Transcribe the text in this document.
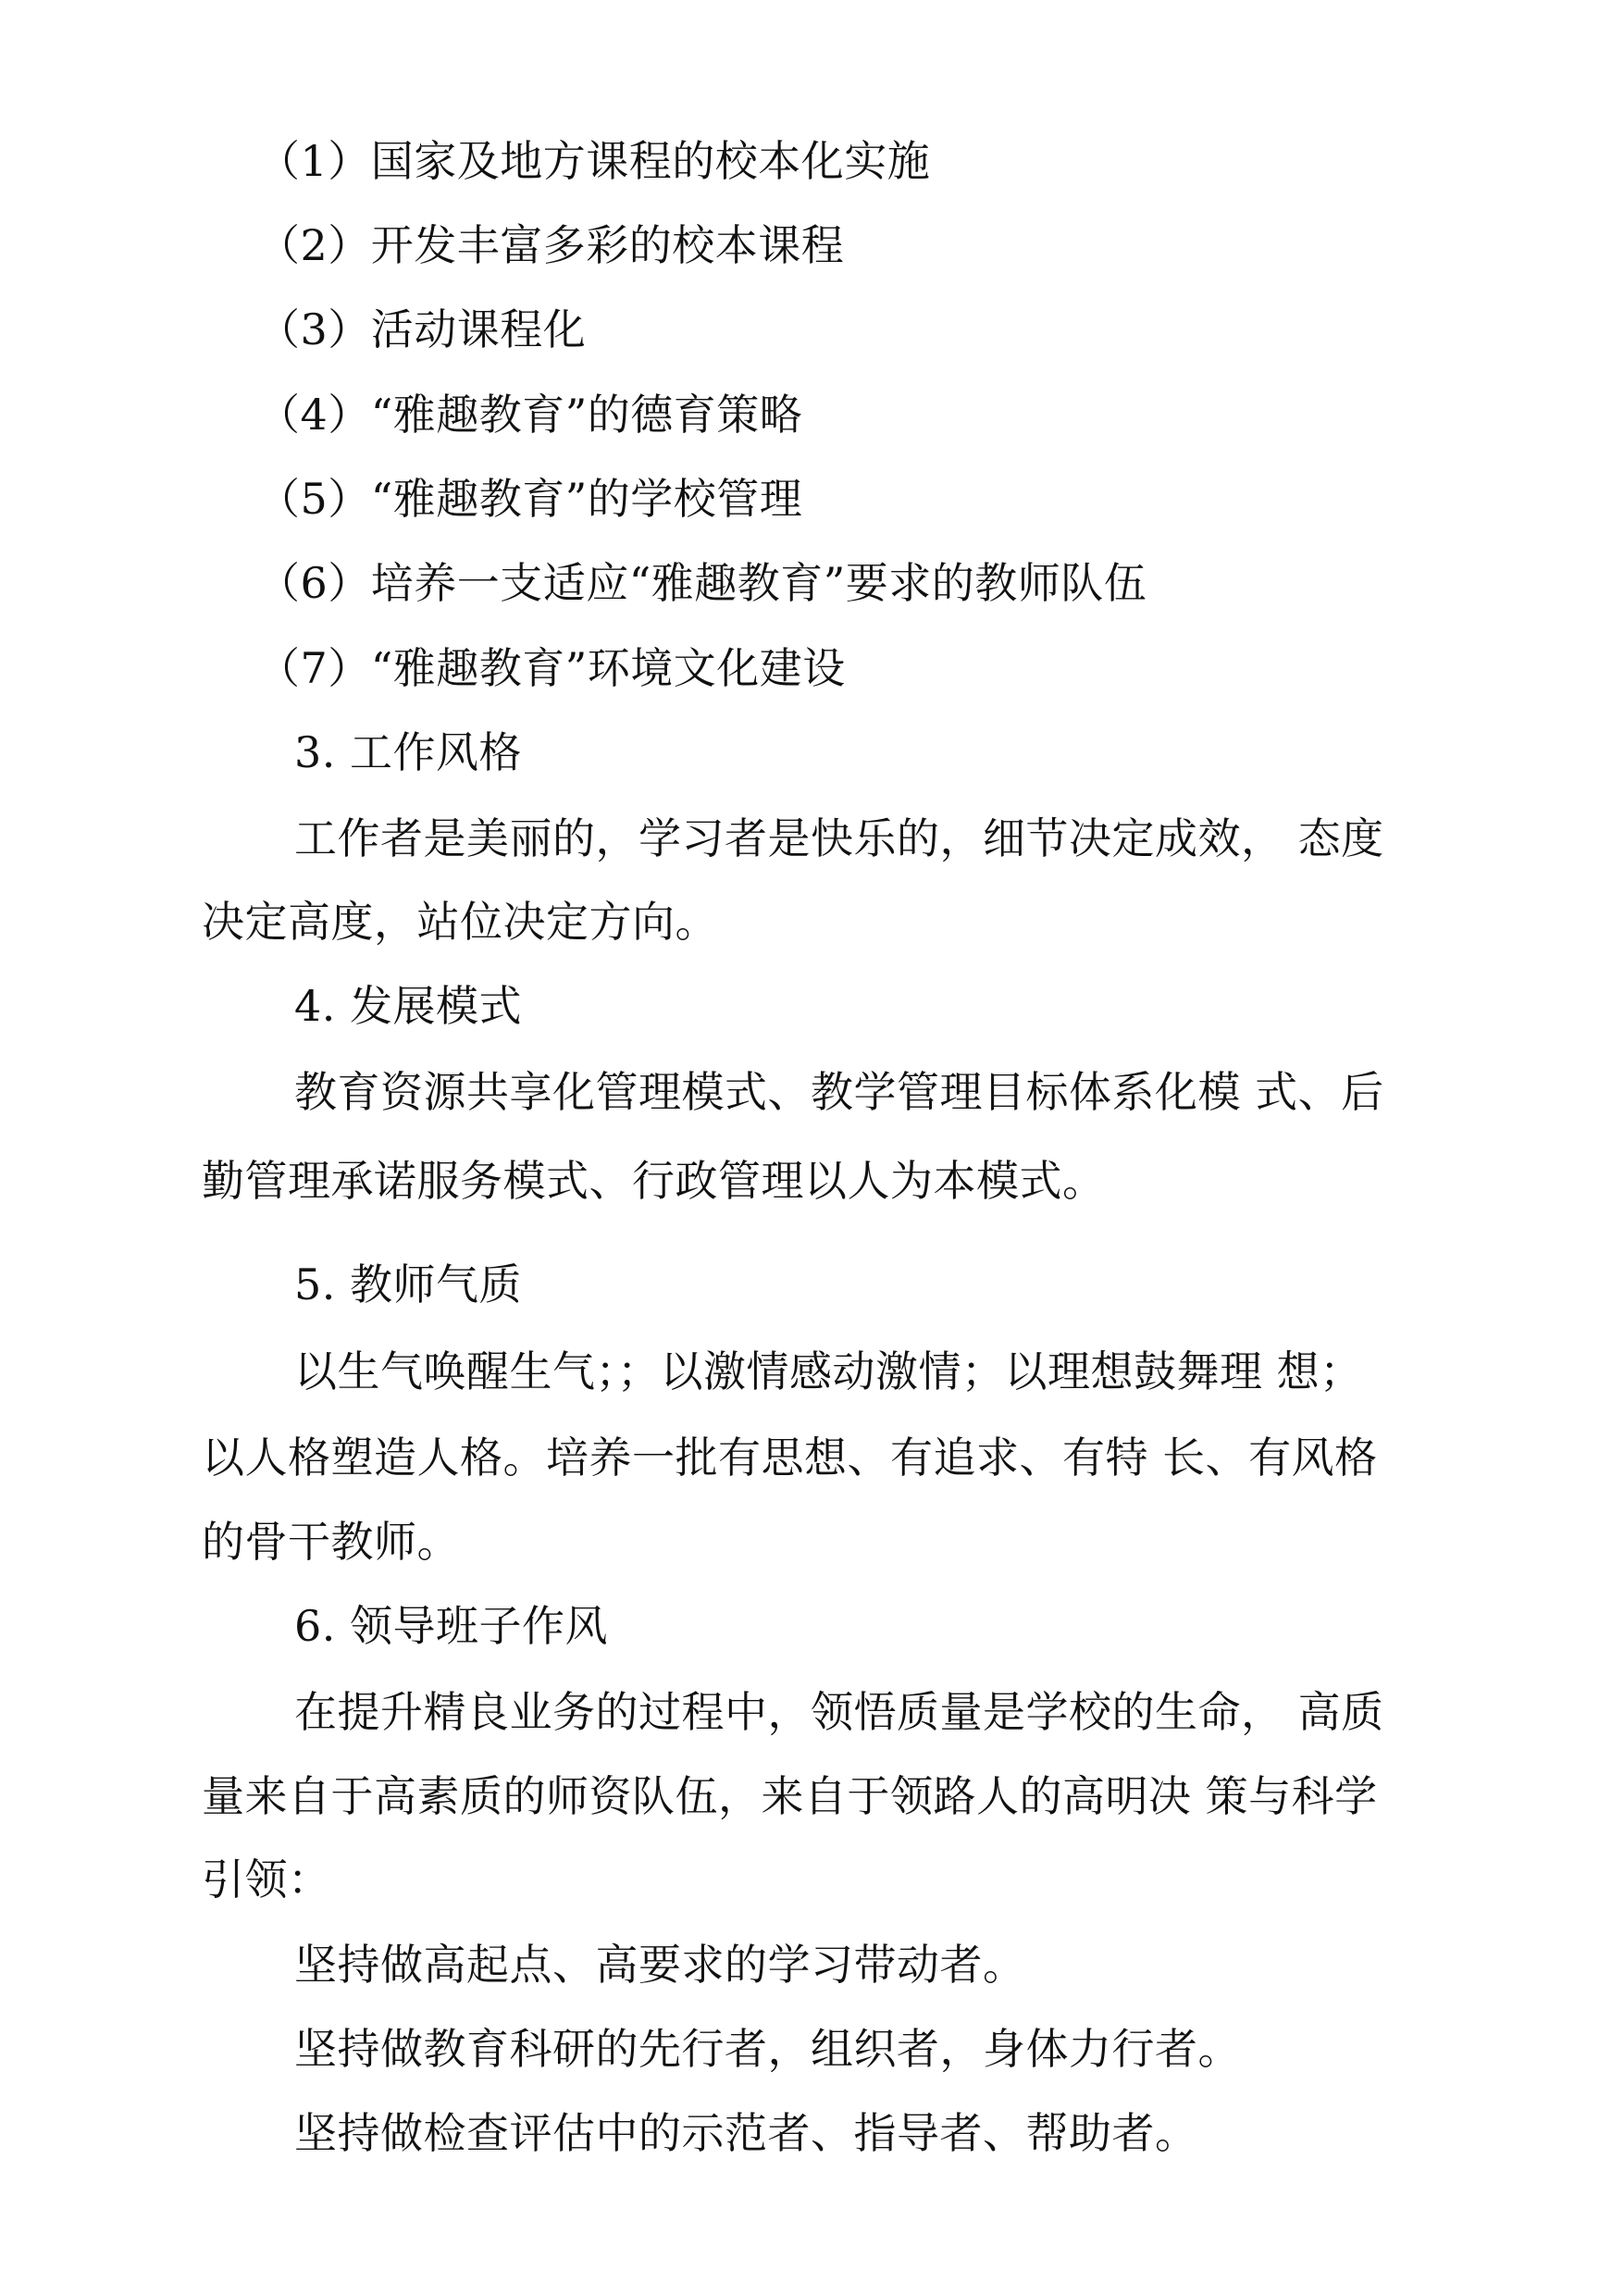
（1）国家及地方课程的校本化实施
（2）开发丰富多彩的校本课程
（3）活动课程化
（4）“雅趣教育”的德育策略
（5）“雅趣教育”的学校管理
（6）培养一支适应“雅趣教育”要求的教师队伍
（7）“雅趣教育”环境文化建设
3. 工作风格
工作者是美丽的，学习者是快乐的，细节决定成效， 态度
决定高度，站位决定方向。
4. 发展模式
教育资源共享化管理模式、教学管理目标体系化模 式、后
勤管理承诺服务模式、行政管理以人为本模式。
5. 教师气质
以生气唤醒生气；；以激情感动激情；以理想鼓舞理 想；
以人格塑造人格。培养一批有思想、有追求、有特 长、有风格
的骨干教师。
6. 领导班子作风
在提升精良业务的过程中，领悟质量是学校的生命， 高质
量来自于高素质的师资队伍，来自于领路人的高明决 策与科学
引领：
坚持做高起点、高要求的学习带动者。
坚持做教育科研的先行者，组织者，身体力行者。
坚持做检查评估中的示范者、指导者、帮助者。
